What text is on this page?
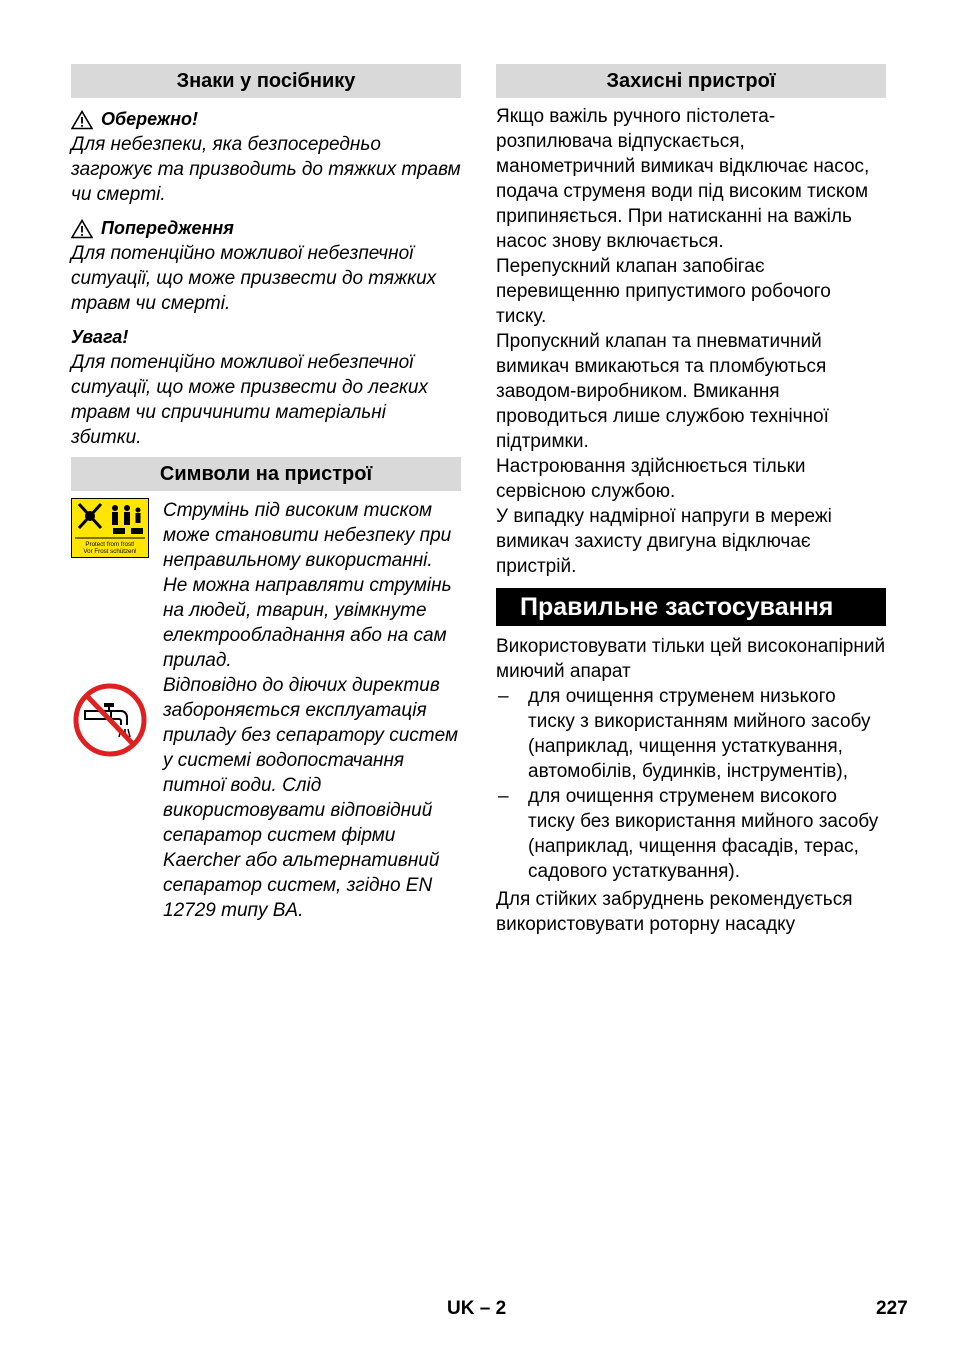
Знаки у посібнику
Обережно!

Для небезпеки, яка безпосередньо загрожує та призводить до тяжких травм чи смерті.

Попередження

Для потенційно можливої небезпечної ситуації, що може призвести до тяжких травм чи смерті.

Увага!

Для потенційно можливої небезпечної ситуації, що може призвести до легких травм чи спричинити матеріальні збитки.

Символи на пристрої
Protect from frost!
Vor Frost schützen!

Струмінь під високим тиском може становити небезпеку при неправильному використанні. Не можна направляти струмінь на людей, тварин, увімкнуте електрообладнання або на сам прилад.

Відповідно до діючих директив забороняється експлуатація приладу без сепаратору систем у системі водопостачання питної води. Слід використовувати відповідний сепаратор систем фірми Kaercher або альтернативний сепаратор систем, згідно EN 12729 типу BA.

Захисні пристрої

Якщо важіль ручного пістолета-розпилювача відпускається, манометричний вимикач відключає насос, подача струменя води під високим тиском припиняється. При натисканні на важіль насос знову включається.

Перепускний клапан запобігає перевищенню припустимого робочого тиску.

Пропускний клапан та пневматичний вимикач вмикаються та пломбуються заводом-виробником. Вмикання проводиться лише службою технічної підтримки.

Настроювання здійснюється тільки сервісною службою.

У випадку надмірної напруги в мережі вимикач захисту двигуна відключає пристрій.

Правильне застосування

Використовувати тільки цей високонапірний миючий апарат

– для очищення струменем низького тиску з використанням мийного засобу (наприклад, чищення устаткування, автомобілів, будинків, інструментів),
– для очищення струменем високого тиску без використання мийного засобу (наприклад, чищення фасадів, терас, садового устаткування).

Для стійких забруднень рекомендується використовувати роторну насадку

UK – 2	227
